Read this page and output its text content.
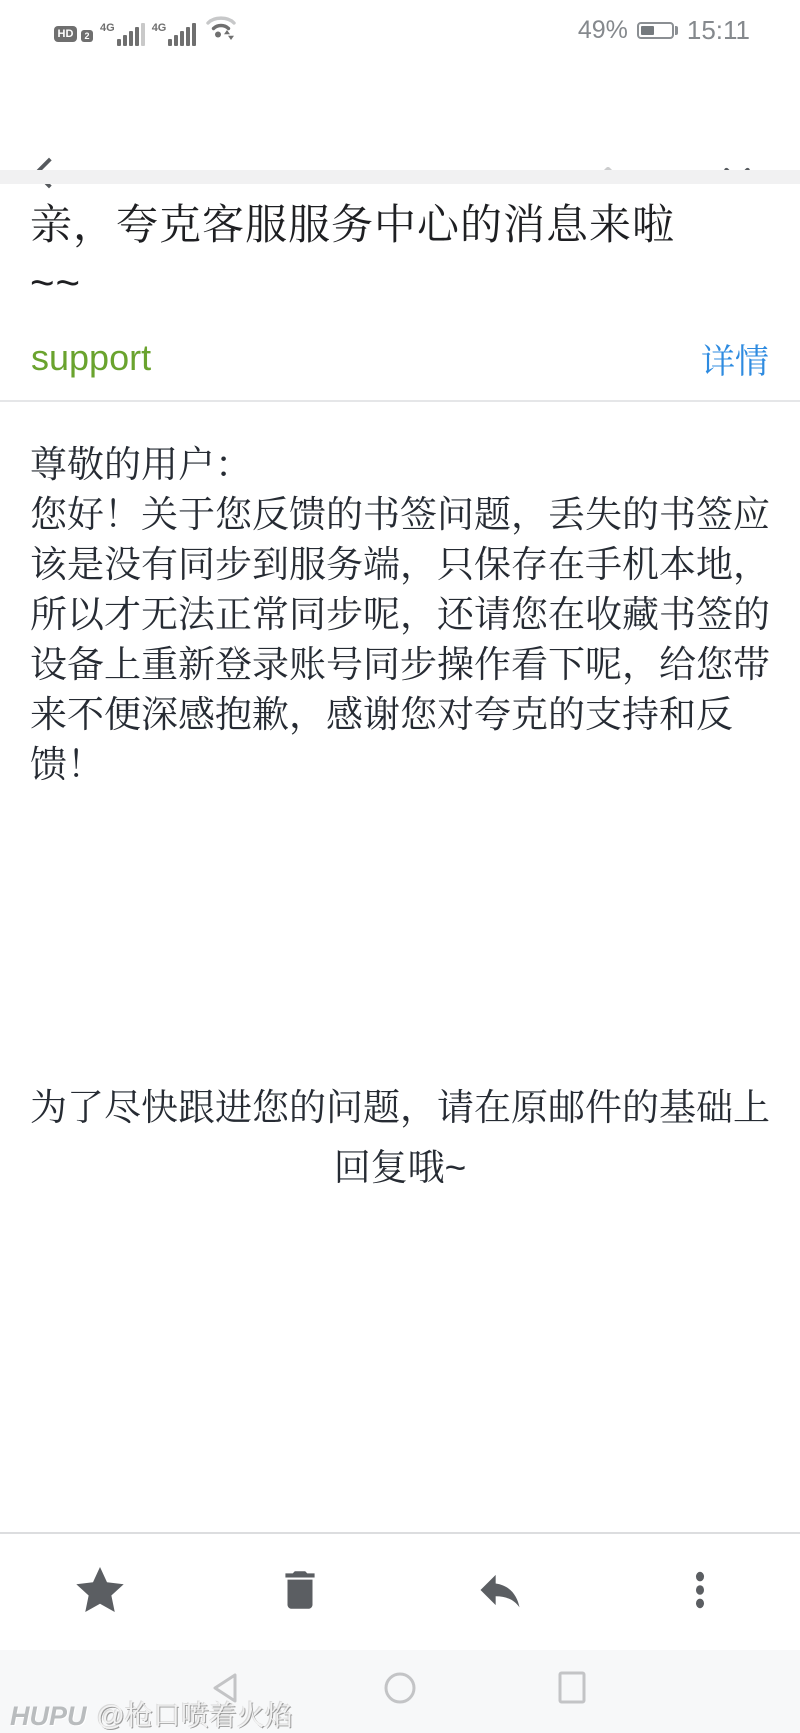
HD	2
4G	4G	49% 15:11
亲，夸克客服服务中心的消息来啦
~~
support	详情
尊敬的用户：
您好！关于您反馈的书签问题，丢失的书签应
该是没有同步到服务端，只保存在手机本地，
所以才无法正常同步呢，还请您在收藏书签的
设备上重新登录账号同步操作看下呢，给您带
来不便深感抱歉，感谢您对夸克的支持和反
馈！
为了尽快跟进您的问题，请在原邮件的基础上
回复哦~
HUPU @枪口喷着火焰
